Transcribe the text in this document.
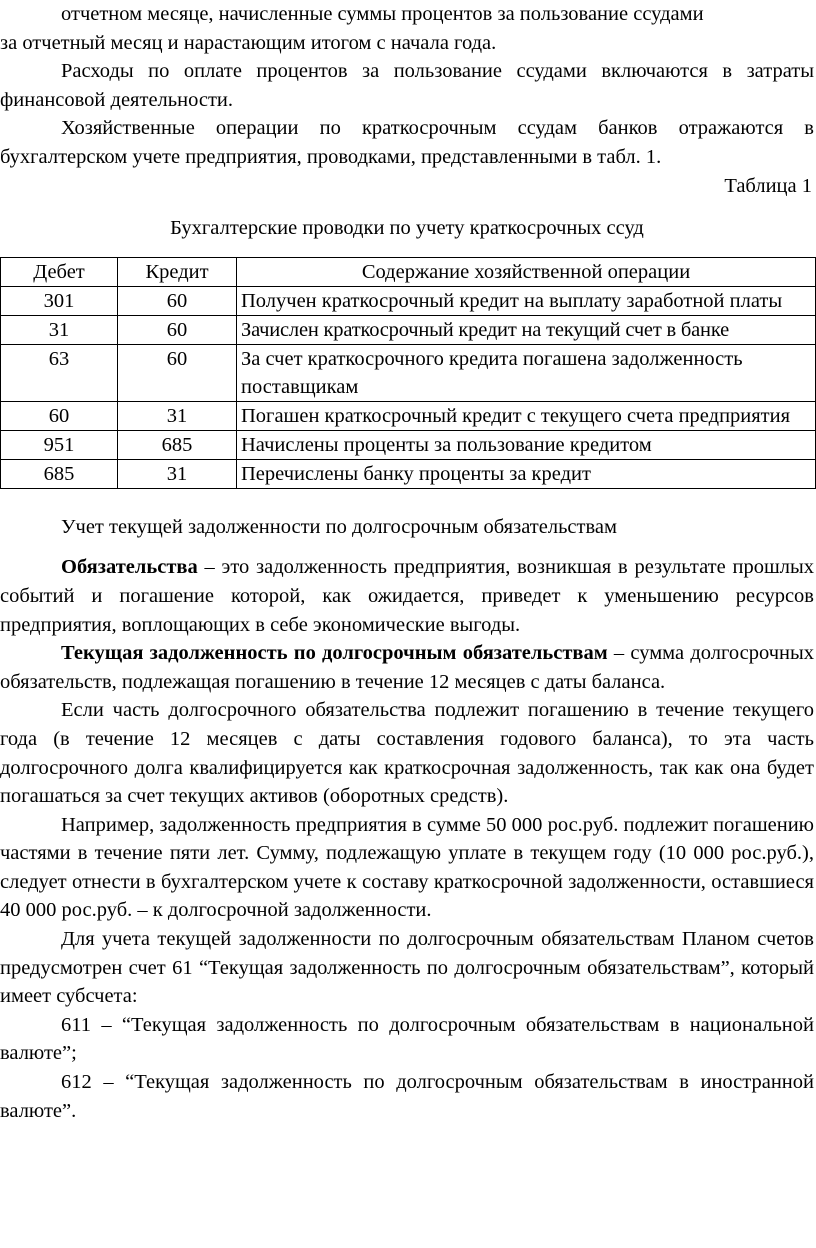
отчетном месяце, начисленные суммы процентов за пользование ссудами

за отчетный месяц и нарастающим итогом с начала года.

Расходы по оплате процентов за пользование ссудами включаются в затраты финансовой деятельности.

Хозяйственные операции по краткосрочным ссудам банков отражаются в бухгалтерском учете предприятия, проводками, представленными в табл. 1.

Таблица 1

Бухгалтерские проводки по учету краткосрочных ссуд

Дебет	Кредит	Содержание хозяйственной операции
301	60	Получен краткосрочный кредит на выплату заработной платы
31	60	Зачислен краткосрочный кредит на текущий счет в банке
63	60	За счет краткосрочного кредита погашена задолженность поставщикам
60	31	Погашен краткосрочный кредит с текущего счета предприятия
951	685	Начислены проценты за пользование кредитом
685	31	Перечислены банку проценты за кредит

Учет текущей задолженности по долгосрочным обязательствам

Обязательства – это задолженность предприятия, возникшая в результате прошлых событий и погашение которой, как ожидается, приведет к уменьшению ресурсов предприятия, воплощающих в себе экономические выгоды.

Текущая задолженность по долгосрочным обязательствам – сумма долгосрочных обязательств, подлежащая погашению в течение 12 месяцев с даты баланса.

Если часть долгосрочного обязательства подлежит погашению в течение текущего года (в течение 12 месяцев с даты составления годового баланса), то эта часть долгосрочного долга квалифицируется как краткосрочная задолженность, так как она будет погашаться за счет текущих активов (оборотных средств).

Например, задолженность предприятия в сумме 50 000 рос.руб. подлежит погашению частями в течение пяти лет. Сумму, подлежащую уплате в текущем году (10 000 рос.руб.), следует отнести в бухгалтерском учете к составу краткосрочной задолженности, оставшиеся 40 000 рос.руб. – к долгосрочной задолженности.

Для учета текущей задолженности по долгосрочным обязательствам Планом счетов предусмотрен счет 61 “Текущая задолженность по долгосрочным обязательствам”, который имеет субсчета:

611 – “Текущая задолженность по долгосрочным обязательствам в национальной валюте”;

612 – “Текущая задолженность по долгосрочным обязательствам в иностранной валюте”.
